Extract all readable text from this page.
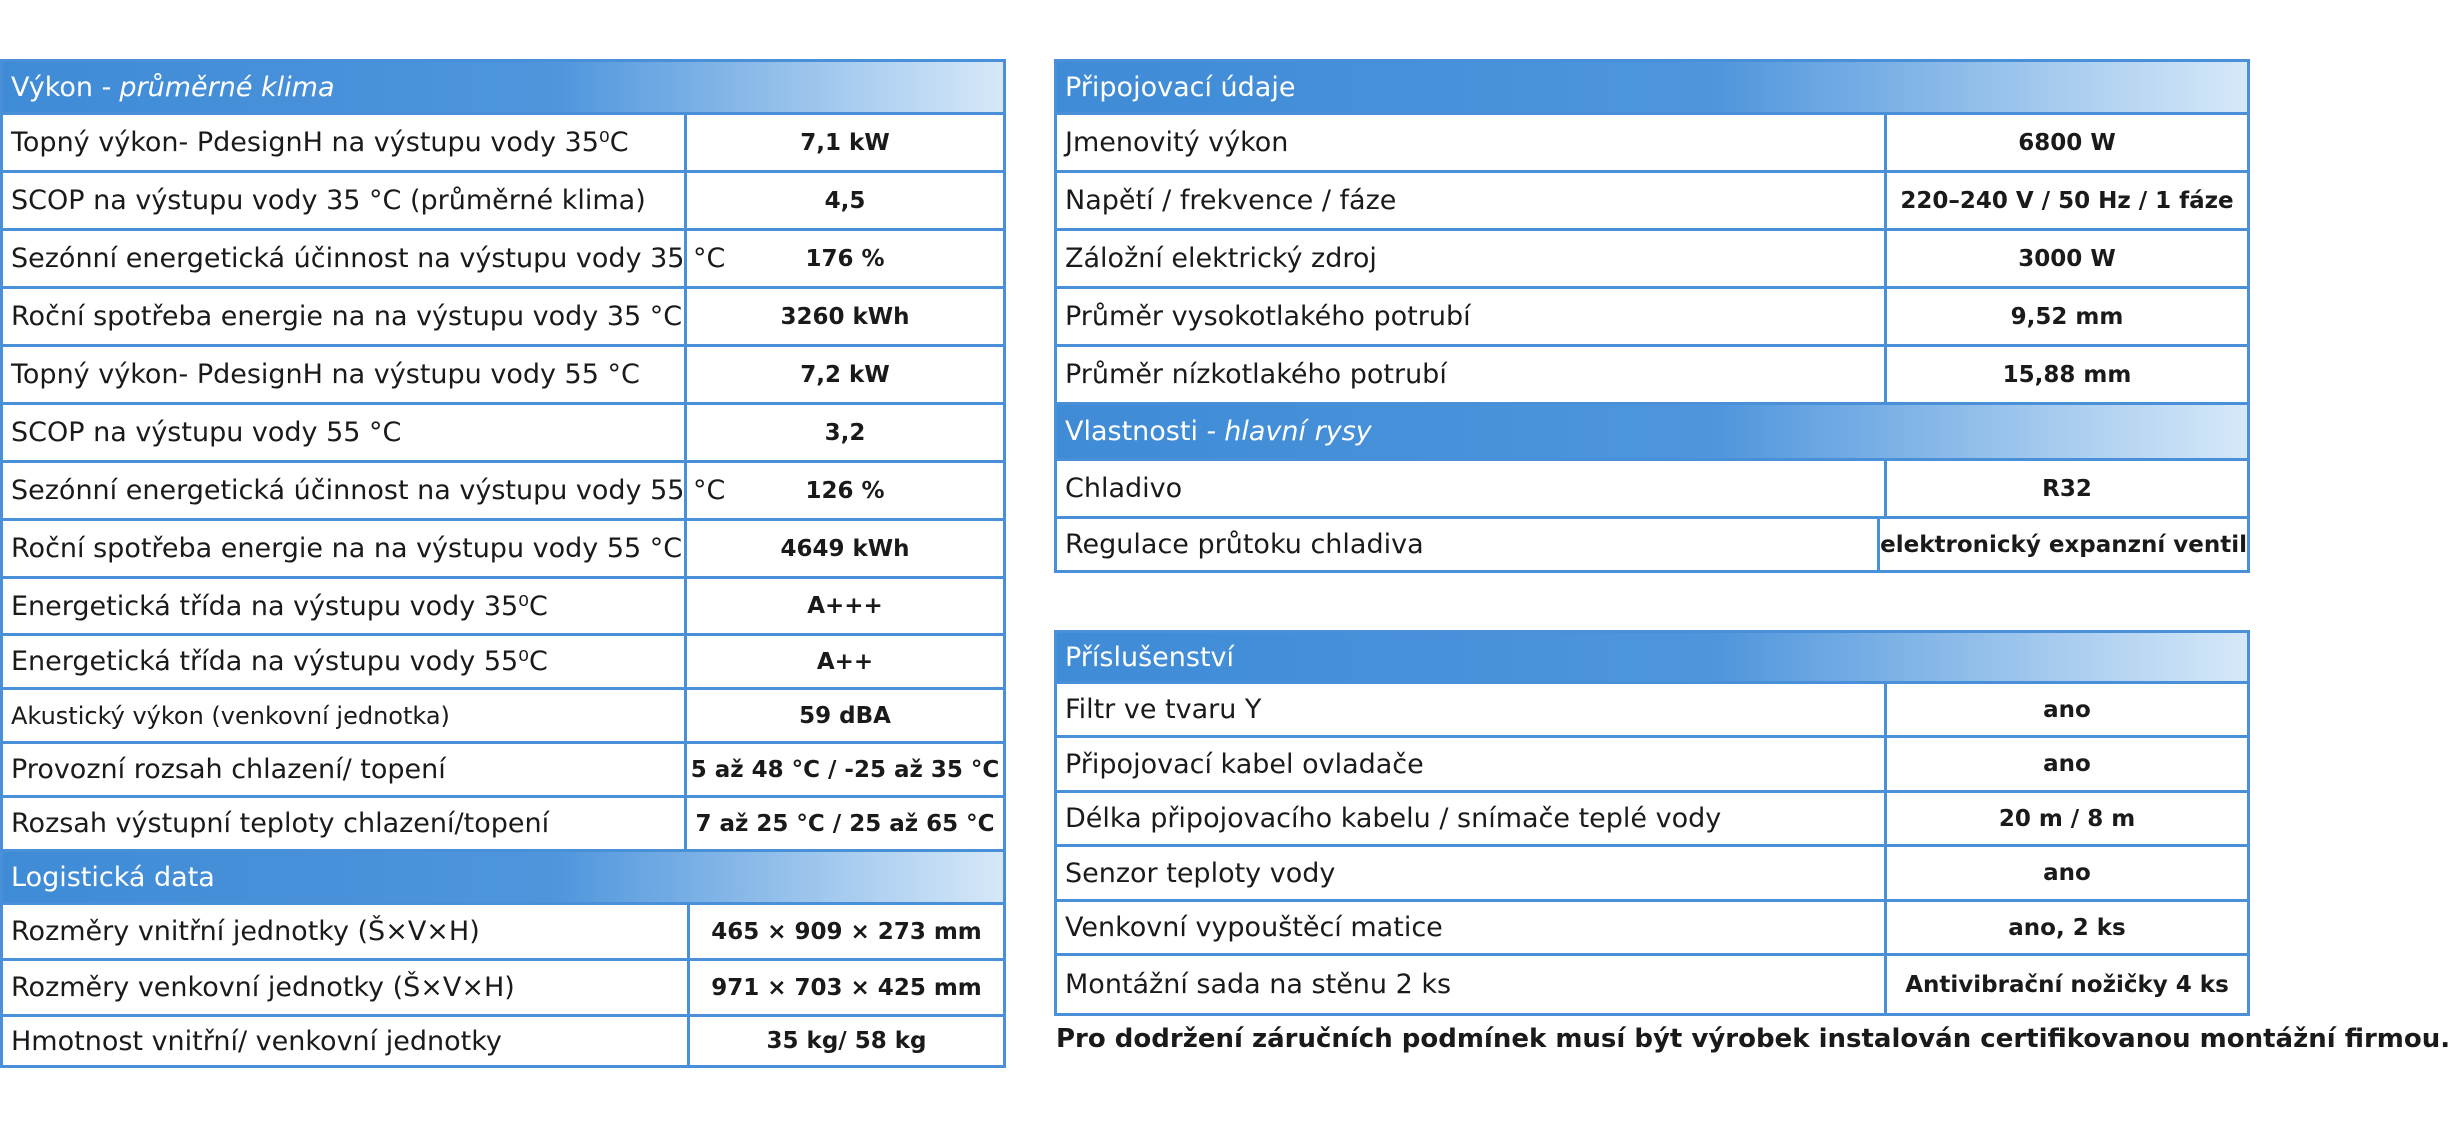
Výkon - průměrné klima
Topný výkon- PdesignH na výstupu vody 35⁰C	7,1 kW
SCOP na výstupu vody 35 °C (průměrné klima)	4,5
Sezónní energetická účinnost na výstupu vody 35 °C	176 %
Roční spotřeba energie na na výstupu vody 35 °C	3260 kWh
Topný výkon- PdesignH na výstupu vody 55 °C	7,2 kW
SCOP na výstupu vody 55 °C	3,2
Sezónní energetická účinnost na výstupu vody 55 °C	126 %
Roční spotřeba energie na na výstupu vody 55 °C	4649 kWh
Energetická třída na výstupu vody 35⁰C	A+++
Energetická třída na výstupu vody 55⁰C	A++
Akustický výkon (venkovní jednotka)	59 dBA
Provozní rozsah chlazení/ topení	5 až 48 °C / -25 až 35 °C
Rozsah výstupní teploty chlazení/topení	7 až 25 °C / 25 až 65 °C
Logistická data
Rozměry vnitřní jednotky (Š×V×H)	465 × 909 × 273 mm
Rozměry venkovní jednotky (Š×V×H)	971 × 703 × 425 mm
Hmotnost vnitřní/ venkovní jednotky	35 kg/ 58 kg
Připojovací údaje
Jmenovitý výkon	6800 W
Napětí / frekvence / fáze	220–240 V / 50 Hz / 1 fáze
Záložní elektrický zdroj	3000 W
Průměr vysokotlakého potrubí	9,52 mm
Průměr nízkotlakého potrubí	15,88 mm
Vlastnosti - hlavní rysy
Chladivo	R32
Regulace průtoku chladiva	elektronický expanzní ventil
Příslušenství
Filtr ve tvaru Y	ano
Připojovací kabel ovladače	ano
Délka připojovacího kabelu / snímače teplé vody	20 m / 8 m
Senzor teploty vody	ano
Venkovní vypouštěcí matice	ano, 2 ks
Montážní sada na stěnu 2 ks	Antivibrační nožičky 4 ks
Pro dodržení záručních podmínek musí být výrobek instalován certifikovanou montážní firmou.
